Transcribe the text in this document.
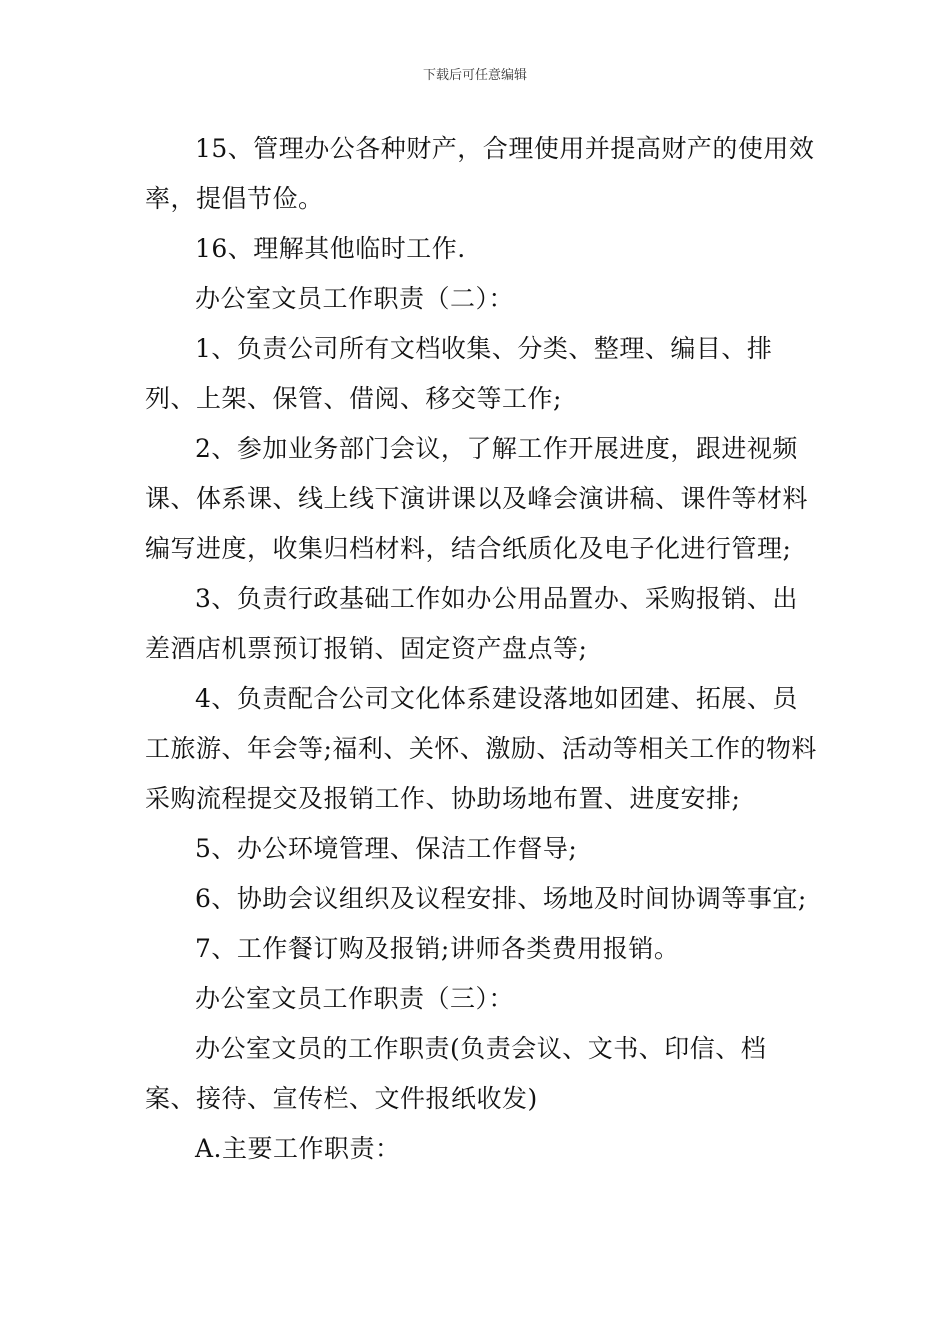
下载后可任意编辑

15、管理办公各种财产，合理使用并提高财产的使用效率，提倡节俭。

16、理解其他临时工作.

办公室文员工作职责（二）：

1、负责公司所有文档收集、分类、整理、编目、排列、上架、保管、借阅、移交等工作;

2、参加业务部门会议，了解工作开展进度，跟进视频课、体系课、线上线下演讲课以及峰会演讲稿、课件等材料编写进度，收集归档材料，结合纸质化及电子化进行管理;

3、负责行政基础工作如办公用品置办、采购报销、出差酒店机票预订报销、固定资产盘点等;

4、负责配合公司文化体系建设落地如团建、拓展、员工旅游、年会等;福利、关怀、激励、活动等相关工作的物料采购流程提交及报销工作、协助场地布置、进度安排;

5、办公环境管理、保洁工作督导;

6、协助会议组织及议程安排、场地及时间协调等事宜;

7、工作餐订购及报销;讲师各类费用报销。

办公室文员工作职责（三）：

办公室文员的工作职责(负责会议、文书、印信、档案、接待、宣传栏、文件报纸收发)

A.主要工作职责：
